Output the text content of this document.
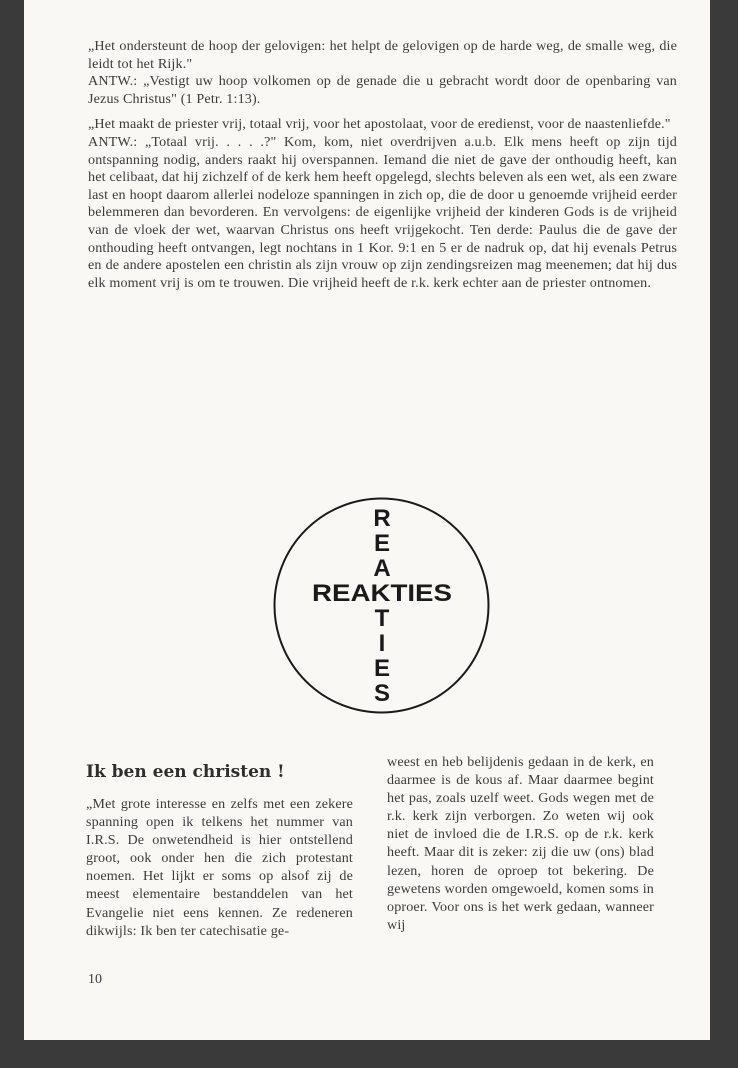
„Het ondersteunt de hoop der gelovigen: het helpt de gelovigen op de harde weg, de smalle weg, die leidt tot het Rijk."

ANTW.: „Vestigt uw hoop volkomen op de genade die u gebracht wordt door de openbaring van Jezus Christus" (1 Petr. 1:13).

„Het maakt de priester vrij, totaal vrij, voor het apostolaat, voor de eredienst, voor de naastenliefde."

ANTW.: „Totaal vrij. . . . .?" Kom, kom, niet overdrijven a.u.b. Elk mens heeft op zijn tijd ontspanning nodig, anders raakt hij overspannen. Iemand die niet de gave der onthoudig heeft, kan het celibaat, dat hij zichzelf of de kerk hem heeft opgelegd, slechts beleven als een wet, als een zware last en hoopt daarom allerlei nodeloze spanningen in zich op, die de door u genoemde vrijheid eerder belemmeren dan bevorderen. En vervolgens: de eigenlijke vrijheid der kinderen Gods is de vrijheid van de vloek der wet, waarvan Christus ons heeft vrijgekocht. Ten derde: Paulus die de gave der onthouding heeft ontvangen, legt nochtans in 1 Kor. 9:1 en 5 er de nadruk op, dat hij evenals Petrus en de andere apostelen een christin als zijn vrouw op zijn zendingsreizen mag meenemen; dat hij dus elk moment vrij is om te trouwen. Die vrijheid heeft de r.k. kerk echter aan de priester ontnomen.

R
E
A
T
I
E
S
REAKTIES
Ik ben een christen !

„Met grote interesse en zelfs met een zekere spanning open ik telkens het nummer van I.R.S. De onwetendheid is hier ontstellend groot, ook onder hen die zich protestant noemen. Het lijkt er soms op alsof zij de meest elementaire bestanddelen van het Evangelie niet eens kennen. Ze redeneren dikwijls: Ik ben ter catechisatie ge-

weest en heb belijdenis gedaan in de kerk, en daarmee is de kous af. Maar daarmee begint het pas, zoals uzelf weet. Gods wegen met de r.k. kerk zijn verborgen. Zo weten wij ook niet de invloed die de I.R.S. op de r.k. kerk heeft. Maar dit is zeker: zij die uw (ons) blad lezen, horen de oproep tot bekering. De gewetens worden omgewoeld, komen soms in oproer. Voor ons is het werk gedaan, wanneer wij

10
